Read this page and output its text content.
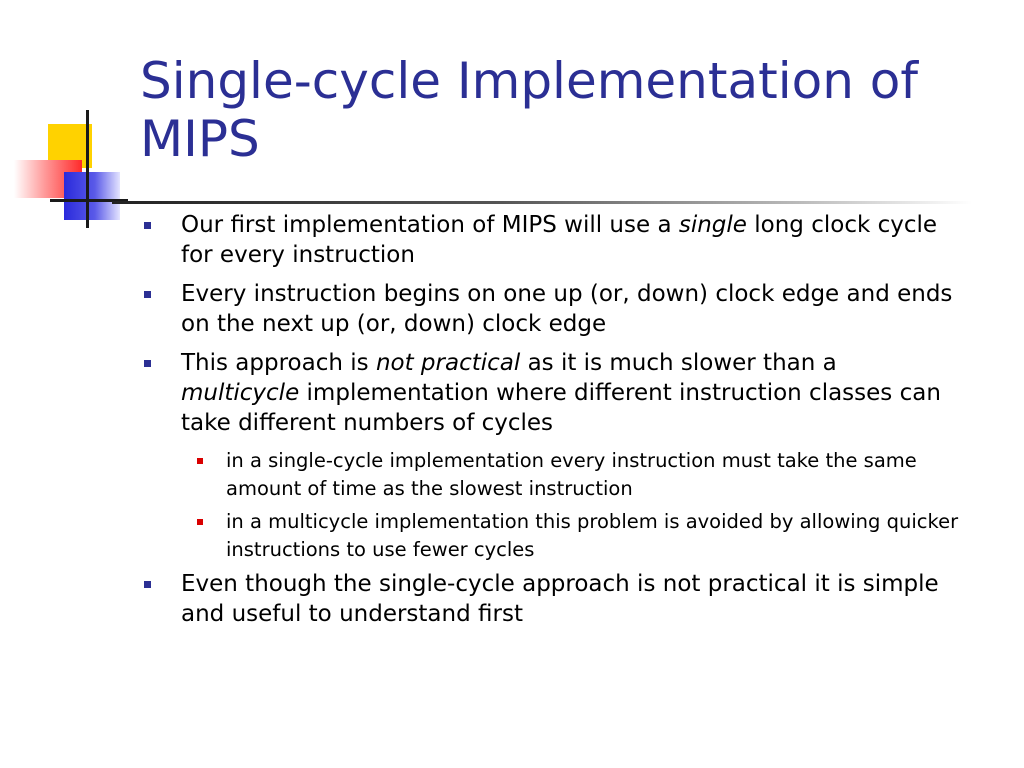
Single-cycle Implementation of MIPS
Our first implementation of MIPS will use a single long clock cycle for every instruction
Every instruction begins on one up (or, down) clock edge and ends on the next up (or, down) clock edge
This approach is not practical as it is much slower than a multicycle implementation where different instruction classes can take different numbers of cycles
in a single-cycle implementation every instruction must take the same amount of time as the slowest instruction
in a multicycle implementation this problem is avoided by allowing quicker instructions to use fewer cycles
Even though the single-cycle approach is not practical it is simple and useful to understand first
